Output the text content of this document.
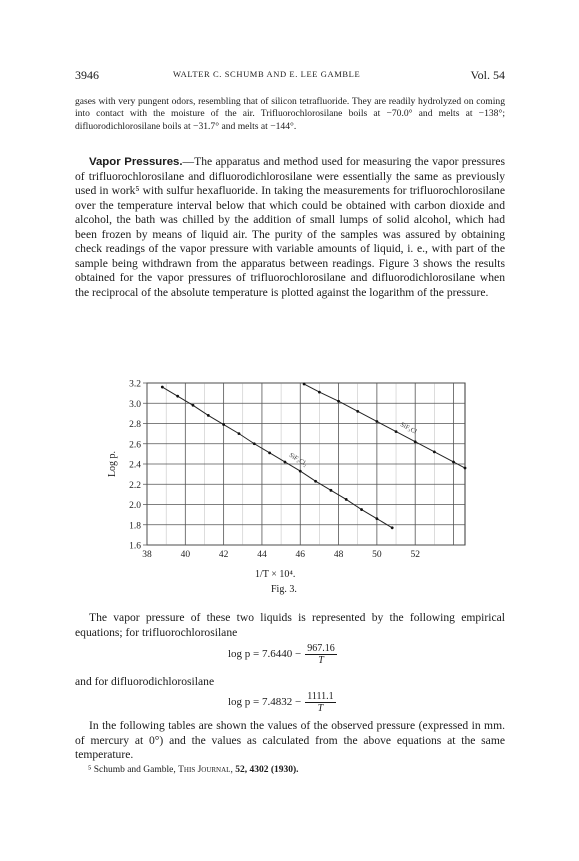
3946	WALTER C. SCHUMB AND E. LEE GAMBLE	Vol. 54
gases with very pungent odors, resembling that of silicon tetrafluoride. They are readily hydrolyzed on coming into contact with the moisture of the air. Trifluorochlorosilane boils at −70.0° and melts at −138°; difluorodichlorosilane boils at −31.7° and melts at −144°.

Vapor Pressures.—The apparatus and method used for measuring the vapor pressures of trifluorochlorosilane and difluorodichlorosilane were essentially the same as previously used in work⁵ with sulfur hexafluoride. In taking the measurements for trifluorochlorosilane over the temperature interval below that which could be obtained with carbon dioxide and alcohol, the bath was chilled by the addition of small lumps of solid alcohol, which had been frozen by means of liquid air. The purity of the samples was assured by obtaining check readings of the vapor pressure with variable amounts of liquid, i. e., with part of the sample being withdrawn from the apparatus between readings. Figure 3 shows the results obtained for the vapor pressures of trifluorochlorosilane and difluorodichlorosilane when the reciprocal of the absolute temperature is plotted against the logarithm of the pressure.

1.6
1.8
2.0
2.2
2.4
2.6
2.8
3.0
3.2
38	40	42	44	46	48	50	52
Log p.
SiF₃Cl
SiF₂Cl₂
1/T × 10⁴.
Fig. 3.

The vapor pressure of these two liquids is represented by the following empirical equations; for trifluorochlorosilane

$\log p = 7.6440 - \frac{967.16}{T}$
and for difluorodichlorosilane
$\log p = 7.4832 - \frac{1111.1}{T}$

In the following tables are shown the values of the observed pressure (expressed in mm. of mercury at 0°) and the values as calculated from the above equations at the same temperature.

⁵ Schumb and Gamble, This Journal, 52, 4302 (1930).
